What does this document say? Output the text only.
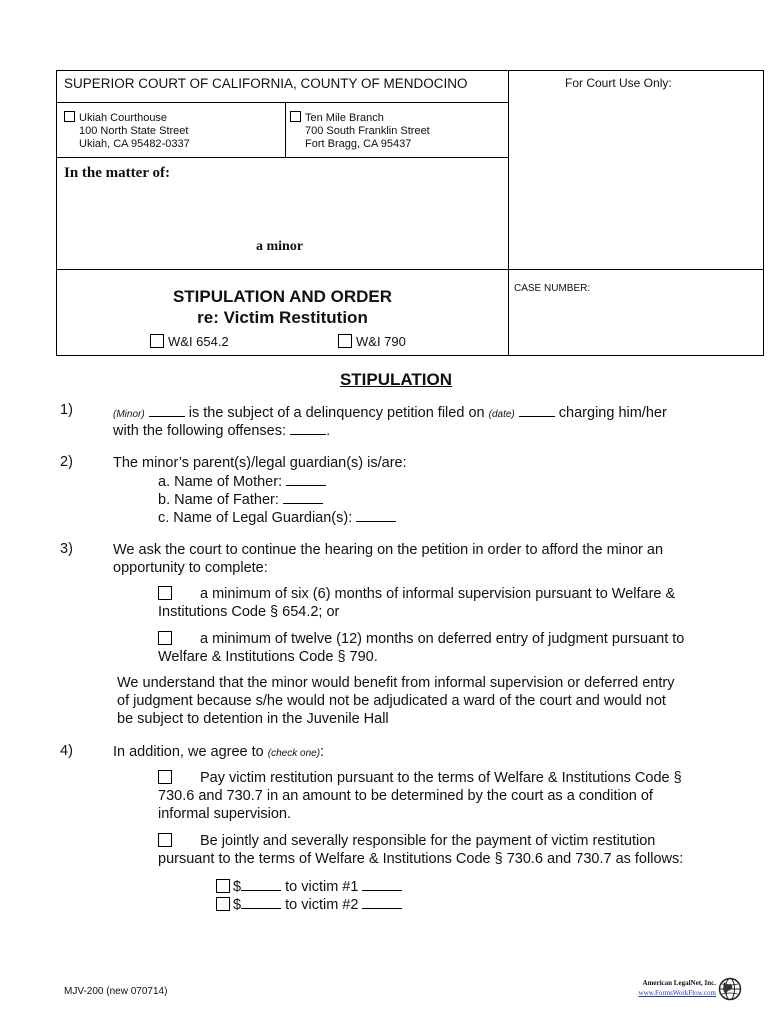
SUPERIOR COURT OF CALIFORNIA, COUNTY OF MENDOCINO	For Court Use Only:
Ukiah Courthouse
100 North State Street
Ukiah, CA 95482-0337
Ten Mile Branch
700 South Franklin Street
Fort Bragg, CA 95437
In the matter of:
a minor
CASE NUMBER:
STIPULATION AND ORDER
re: Victim Restitution
W&I 654.2	W&I 790
STIPULATION
1)	(Minor)	is the subject of a delinquency petition filed on (date)	charging him/her
with the following offenses:	.
2)	The minor’s parent(s)/legal guardian(s) is/are:
a. Name of Mother:
b. Name of Father:
c. Name of Legal Guardian(s):
3)	We ask the court to continue the hearing on the petition in order to afford the minor an
opportunity to complete:
a minimum of six (6) months of informal supervision pursuant to Welfare &
Institutions Code § 654.2; or
a minimum of twelve (12) months on deferred entry of judgment pursuant to
Welfare & Institutions Code § 790.
We understand that the minor would benefit from informal supervision or deferred entry
of judgment because s/he would not be adjudicated a ward of the court and would not
be subject to detention in the Juvenile Hall
4)	In addition, we agree to (check one):
Pay victim restitution pursuant to the terms of Welfare & Institutions Code §
730.6 and 730.7 in an amount to be determined by the court as a condition of
informal supervision.
Be jointly and severally responsible for the payment of victim restitution
pursuant to the terms of Welfare & Institutions Code § 730.6 and 730.7 as follows:
$	to victim #1
$	to victim #2
MJV-200 (new 070714)
American LegalNet, Inc.
www.FormsWorkFlow.com
